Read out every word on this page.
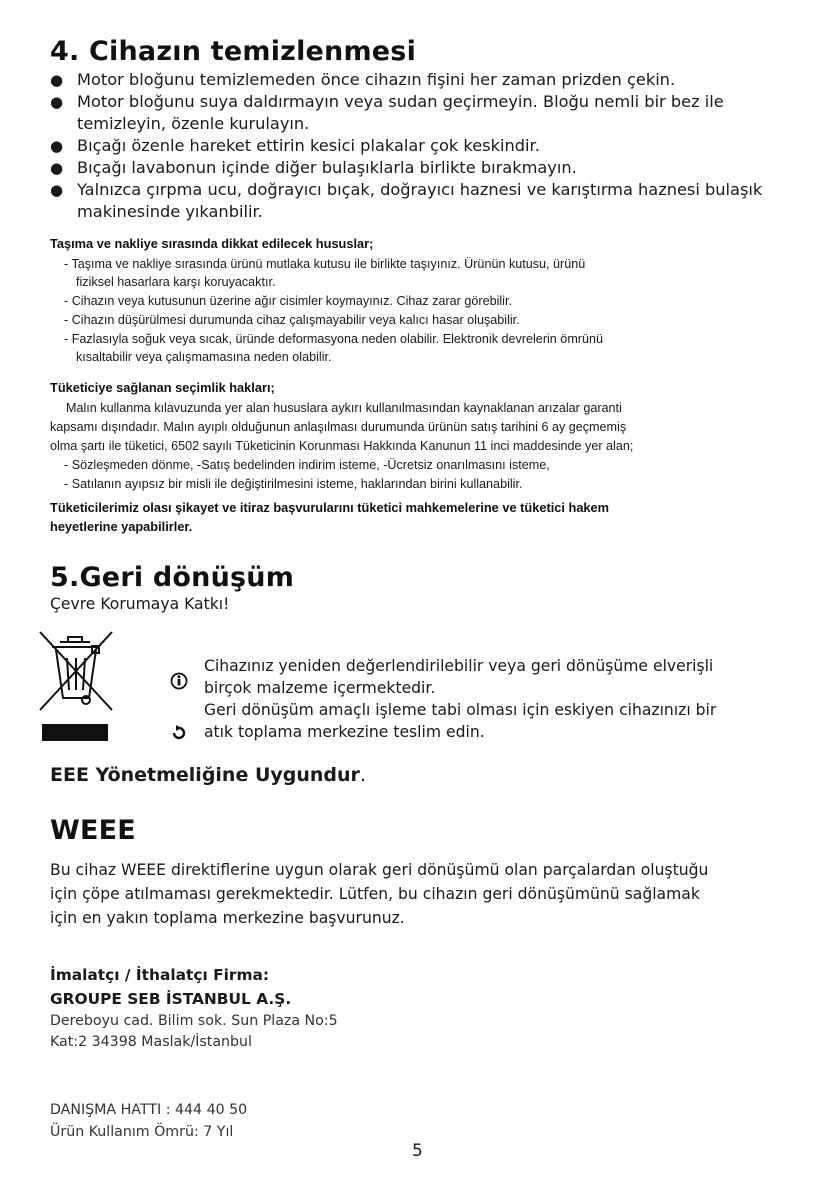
4. Cihazın temizlenmesi
● Motor bloğunu temizlemeden önce cihazın fişini her zaman prizden çekin.
● Motor bloğunu suya daldırmayın veya sudan geçirmeyin. Bloğu nemli bir bez ile temizleyin, özenle kurulayın.
● Bıçağı özenle hareket ettirin kesici plakalar çok keskindir.
● Bıçağı lavabonun içinde diğer bulaşıklarla birlikte bırakmayın.
● Yalnızca çırpma ucu, doğrayıcı bıçak, doğrayıcı haznesi ve karıştırma haznesi bulaşık makinesinde yıkanbilir.
Taşıma ve nakliye sırasında dikkat edilecek hususlar;
- Taşıma ve nakliye sırasında ürünü mutlaka kutusu ile birlikte taşıyınız. Ürünün kutusu, ürünü
fiziksel hasarlara karşı koruyacaktır.
- Cihazın veya kutusunun üzerine ağır cisimler koymayınız. Cihaz zarar görebilir.
- Cihazın düşürülmesi durumunda cihaz çalışmayabilir veya kalıcı hasar oluşabilir.
- Fazlasıyla soğuk veya sıcak, üründe deformasyona neden olabilir. Elektronik devrelerin ömrünü
kısaltabilir veya çalışmamasına neden olabilir.
Tüketiciye sağlanan seçimlik hakları;
Malın kullanma kılavuzunda yer alan hususlara aykırı kullanılmasından kaynaklanan arızalar garanti
kapsamı dışındadır. Malın ayıplı olduğunun anlaşılması durumunda ürünün satış tarihini 6 ay geçmemiş
olma şartı ile tüketici, 6502 sayılı Tüketicinin Korunması Hakkında Kanunun 11 inci maddesinde yer alan;
- Sözleşmeden dönme, -Satış bedelinden indirim isteme, -Ücretsiz onarılmasını isteme,
- Satılanın ayıpsız bir misli ile değiştirilmesini isteme, haklarından birini kullanabilir.
Tüketicilerimiz olası şikayet ve itiraz başvurularını tüketici mahkemelerine ve tüketici hakem
heyetlerine yapabilirler.
5.Geri dönüşüm
Çevre Korumaya Katkı!
Cihazınız yeniden değerlendirilebilir veya geri dönüşüme elverişli
birçok malzeme içermektedir.
Geri dönüşüm amaçlı işleme tabi olması için eskiyen cihazınızı bir
atık toplama merkezine teslim edin.
EEE Yönetmeliğine Uygundur.
WEEE
Bu cihaz WEEE direktiflerine uygun olarak geri dönüşümü olan parçalardan oluştuğu
için çöpe atılmaması gerekmektedir. Lütfen, bu cihazın geri dönüşümünü sağlamak
için en yakın toplama merkezine başvurunuz.
İmalatçı / İthalatçı Firma:
GROUPE SEB İSTANBUL A.Ş.
Dereboyu cad. Bilim sok. Sun Plaza No:5
Kat:2 34398 Maslak/İstanbul
DANIŞMA HATTI : 444 40 50
Ürün Kullanım Ömrü: 7 Yıl
5
